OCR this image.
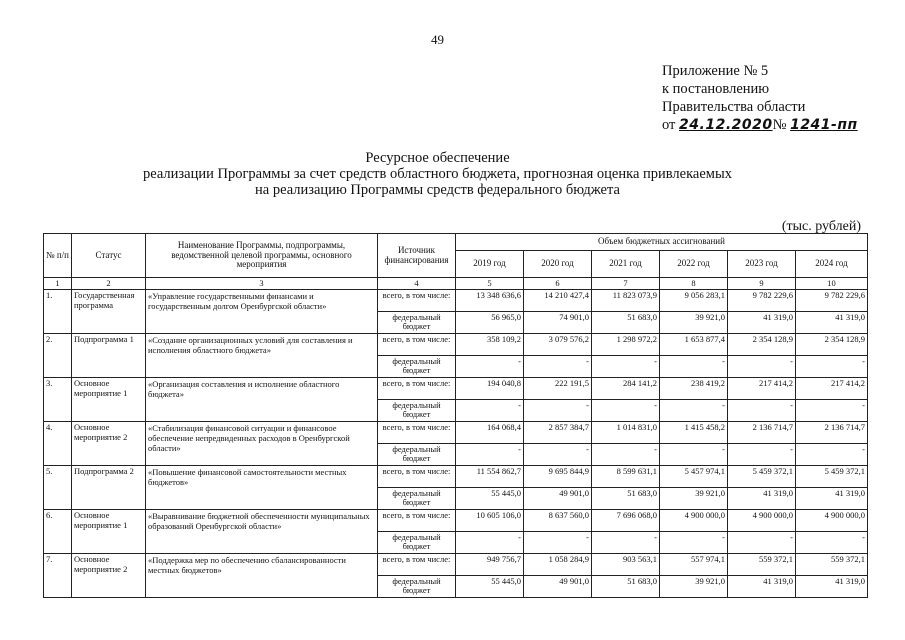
49
Приложение № 5
к постановлению
Правительства области
от 24.12.2020№ 1241-пп
Ресурсное обеспечение
реализации Программы за счет средств областного бюджета, прогнозная оценка привлекаемых
на реализацию Программы средств федерального бюджета
(тыс. рублей)
№ п/п	Статус	Наименование Программы, подпрограммы, ведомственной целевой программы, основного мероприятия	Источник финансирования	Объем бюджетных ассигнований					
				2019 год	2020 год	2021 год	2022 год	2023 год	2024 год
1	2	3	4	5	6	7	8	9	10
1.	Государственная программа	«Управление государственными финансами и государственным долгом Оренбургской области»	всего, в том числе:	13 348 636,6	14 210 427,4	11 823 073,9	9 056 283,1	9 782 229,6	9 782 229,6
			федеральный бюджет	56 965,0	74 901,0	51 683,0	39 921,0	41 319,0	41 319,0
2.	Подпрограмма 1	«Создание организационных условий для составления и исполнения областного бюджета»	всего, в том числе:	358 109,2	3 079 576,2	1 298 972,2	1 653 877,4	2 354 128,9	2 354 128,9
			федеральный бюджет	-	-	-	-	-	-
3.	Основное мероприятие 1	«Организация составления и исполнение областного бюджета»	всего, в том числе:	194 040,8	222 191,5	284 141,2	238 419,2	217 414,2	217 414,2
			федеральный бюджет	-	-	-	-	-	-
4.	Основное мероприятие 2	«Стабилизация финансовой ситуации и финансовое обеспечение непредвиденных расходов в Оренбургской области»	всего, в том числе:	164 068,4	2 857 384,7	1 014 831,0	1 415 458,2	2 136 714,7	2 136 714,7
			федеральный бюджет	-	-	-	-	-	-
5.	Подпрограмма 2	«Повышение финансовой самостоятельности местных бюджетов»	всего, в том числе:	11 554 862,7	9 695 844,9	8 599 631,1	5 457 974,1	5 459 372,1	5 459 372,1
			федеральный бюджет	55 445,0	49 901,0	51 683,0	39 921,0	41 319,0	41 319,0
6.	Основное мероприятие 1	«Выравнивание бюджетной обеспеченности муниципальных образований Оренбургской области»	всего, в том числе:	10 605 106,0	8 637 560,0	7 696 068,0	4 900 000,0	4 900 000,0	4 900 000,0
			федеральный бюджет	-	-	-	-	-	-
7.	Основное мероприятие 2	«Поддержка мер по обеспечению сбалансированности местных бюджетов»	всего, в том числе:	949 756,7	1 058 284,9	903 563,1	557 974,1	559 372,1	559 372,1
			федеральный бюджет	55 445,0	49 901,0	51 683,0	39 921,0	41 319,0	41 319,0
